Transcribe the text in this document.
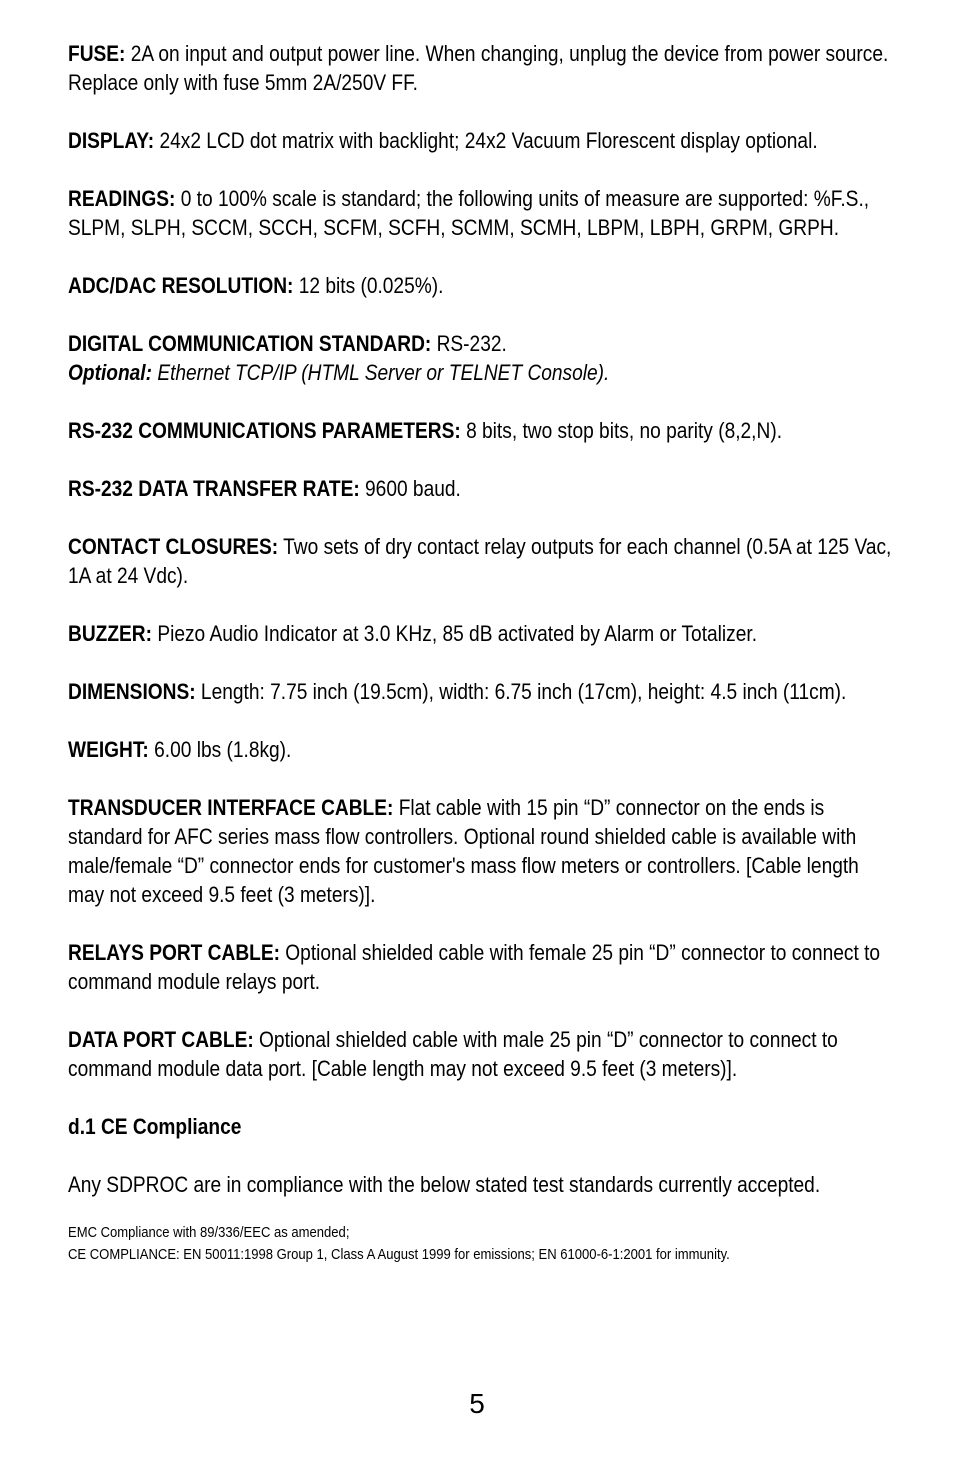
FUSE: 2A on input and output power line. When changing, unplug the device from power source. Replace only with fuse 5mm 2A/250V FF.

DISPLAY: 24x2 LCD dot matrix with backlight; 24x2 Vacuum Florescent display optional.

READINGS: 0 to 100% scale is standard; the following units of measure are supported: %F.S., SLPM, SLPH, SCCM, SCCH, SCFM, SCFH, SCMM, SCMH, LBPM, LBPH, GRPM, GRPH.

ADC/DAC RESOLUTION: 12 bits (0.025%).

DIGITAL COMMUNICATION STANDARD: RS-232.
Optional: Ethernet TCP/IP (HTML Server or TELNET Console).

RS-232 COMMUNICATIONS PARAMETERS: 8 bits, two stop bits, no parity (8,2,N).

RS-232 DATA TRANSFER RATE: 9600 baud.

CONTACT CLOSURES: Two sets of dry contact relay outputs for each channel (0.5A at 125 Vac, 1A at 24 Vdc).

BUZZER: Piezo Audio Indicator at 3.0 KHz, 85 dB activated by Alarm or Totalizer.

DIMENSIONS: Length: 7.75 inch (19.5cm), width: 6.75 inch (17cm), height: 4.5 inch (11cm).

WEIGHT: 6.00 lbs (1.8kg).

TRANSDUCER INTERFACE CABLE: Flat cable with 15 pin “D” connector on the ends is standard for AFC series mass flow controllers. Optional round shielded cable is available with male/female “D” connector ends for customer's mass flow meters or controllers. [Cable length may not exceed 9.5 feet (3 meters)].

RELAYS PORT CABLE: Optional shielded cable with female 25 pin “D” connector to connect to command module relays port.

DATA PORT CABLE: Optional shielded cable with male 25 pin “D” connector to connect to command module data port. [Cable length may not exceed 9.5 feet (3 meters)].

d.1 CE Compliance

Any SDPROC are in compliance with the below stated test standards currently accepted.

EMC Compliance with 89/336/EEC as amended;
CE COMPLIANCE: EN 50011:1998 Group 1, Class A August 1999 for emissions; EN 61000-6-1:2001 for immunity.

5
